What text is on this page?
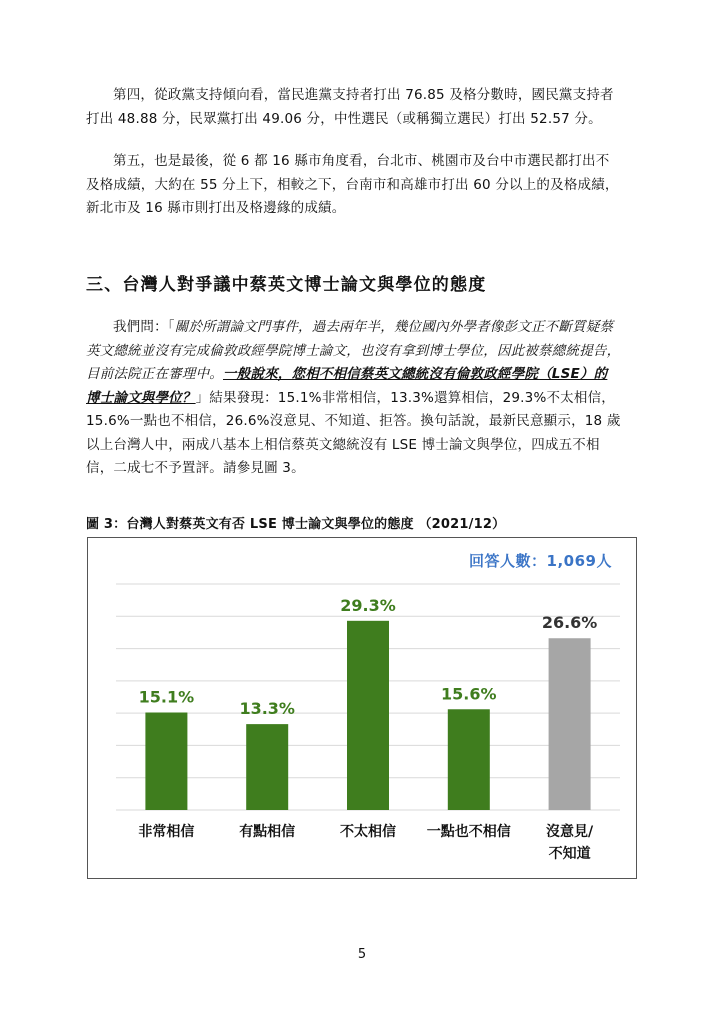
第四，從政黨支持傾向看，當民進黨支持者打出 76.85 及格分數時，國民黨支持者
打出 48.88 分，民眾黨打出 49.06 分，中性選民（或稱獨立選民）打出 52.57 分。
第五，也是最後，從 6 都 16 縣市角度看，台北市、桃園市及台中市選民都打出不
及格成績，大約在 55 分上下，相較之下，台南市和高雄市打出 60 分以上的及格成績，
新北市及 16 縣市則打出及格邊緣的成績。
三、台灣人對爭議中蔡英文博士論文與學位的態度
我們問：「關於所謂論文門事件，過去兩年半，幾位國內外學者像彭文正不斷質疑蔡
英文總統並沒有完成倫敦政經學院博士論文，也沒有拿到博士學位，因此被蔡總統提告，
目前法院正在審理中。一般說來，您相不相信蔡英文總統沒有倫敦政經學院（LSE）的
博士論文與學位？」結果發現：15.1%非常相信，13.3%還算相信，29.3%不太相信，
15.6%一點也不相信，26.6%沒意見、不知道、拒答。換句話說，最新民意顯示，18 歲
以上台灣人中，兩成八基本上相信蔡英文總統沒有 LSE 博士論文與學位，四成五不相
信，二成七不予置評。請參見圖 3。

圖 3：台灣人對蔡英文有否 LSE 博士論文與學位的態度 （2021/12）

回答人數：1,069人
15.1%
非常相信
13.3%
有點相信
29.3%
不太相信
15.6%
一點也不相信
26.6%
沒意見/
不知道
5
